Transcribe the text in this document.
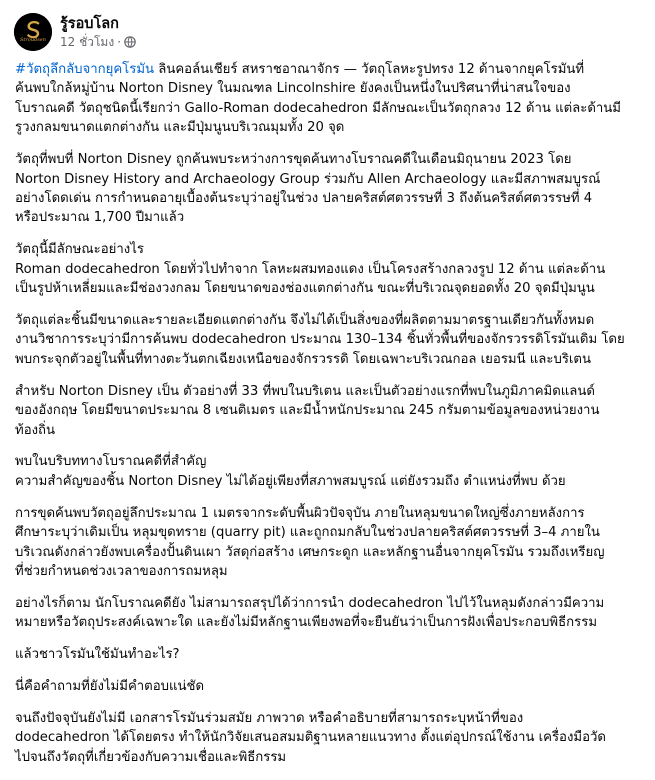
Stroudsen
รู้รอบโลก
12 ชั่วโมง ·

#วัตถุลึกลับจากยุคโรมัน ลินคอล์นเชียร์ สหราชอาณาจักร — วัตถุโลหะรูปทรง 12 ด้านจากยุคโรมันที่
ค้นพบใกล้หมู่บ้าน Norton Disney ในมณฑล Lincolnshire ยังคงเป็นหนึ่งในปริศนาที่น่าสนใจของ
โบราณคดี วัตถุชนิดนี้เรียกว่า Gallo-Roman dodecahedron มีลักษณะเป็นวัตถุกลวง 12 ด้าน แต่ละด้านมี
รูวงกลมขนาดแตกต่างกัน และมีปุ่มนูนบริเวณมุมทั้ง 20 จุด

วัตถุที่พบที่ Norton Disney ถูกค้นพบระหว่างการขุดค้นทางโบราณคดีในเดือนมิถุนายน 2023 โดย
Norton Disney History and Archaeology Group ร่วมกับ Allen Archaeology และมีสภาพสมบูรณ์
อย่างโดดเด่น การกำหนดอายุเบื้องต้นระบุว่าอยู่ในช่วง ปลายคริสต์ศตวรรษที่ 3 ถึงต้นคริสต์ศตวรรษที่ 4
หรือประมาณ 1,700 ปีมาแล้ว

วัตถุนี้มีลักษณะอย่างไร
Roman dodecahedron โดยทั่วไปทำจาก โลหะผสมทองแดง เป็นโครงสร้างกลวงรูป 12 ด้าน แต่ละด้าน
เป็นรูปห้าเหลี่ยมและมีช่องวงกลม โดยขนาดของช่องแตกต่างกัน ขณะที่บริเวณจุดยอดทั้ง 20 จุดมีปุ่มนูน

วัตถุแต่ละชิ้นมีขนาดและรายละเอียดแตกต่างกัน จึงไม่ได้เป็นสิ่งของที่ผลิตตามมาตรฐานเดียวกันทั้งหมด
งานวิชาการระบุว่ามีการค้นพบ dodecahedron ประมาณ 130–134 ชิ้นทั่วพื้นที่ของจักรวรรดิโรมันเดิม โดย
พบกระจุกตัวอยู่ในพื้นที่ทางตะวันตกเฉียงเหนือของจักรวรรดิ โดยเฉพาะบริเวณกอล เยอรมนี และบริเตน

สำหรับ Norton Disney เป็น ตัวอย่างที่ 33 ที่พบในบริเตน และเป็นตัวอย่างแรกที่พบในภูมิภาคมิดแลนด์
ของอังกฤษ โดยมีขนาดประมาณ 8 เซนติเมตร และมีน้ำหนักประมาณ 245 กรัมตามข้อมูลของหน่วยงาน
ท้องถิ่น

พบในบริบททางโบราณคดีที่สำคัญ
ความสำคัญของชิ้น Norton Disney ไม่ได้อยู่เพียงที่สภาพสมบูรณ์ แต่ยังรวมถึง ตำแหน่งที่พบ ด้วย

การขุดค้นพบวัตถุอยู่ลึกประมาณ 1 เมตรจากระดับพื้นผิวปัจจุบัน ภายในหลุมขนาดใหญ่ซึ่งภายหลังการ
ศึกษาระบุว่าเดิมเป็น หลุมขุดทราย (quarry pit) และถูกถมกลับในช่วงปลายคริสต์ศตวรรษที่ 3–4 ภายใน
บริเวณดังกล่าวยังพบเครื่องปั้นดินเผา วัสดุก่อสร้าง เศษกระดูก และหลักฐานอื่นจากยุคโรมัน รวมถึงเหรียญ
ที่ช่วยกำหนดช่วงเวลาของการถมหลุม

อย่างไรก็ตาม นักโบราณคดียัง ไม่สามารถสรุปได้ว่าการนำ dodecahedron ไปไว้ในหลุมดังกล่าวมีความ
หมายหรือวัตถุประสงค์เฉพาะใด และยังไม่มีหลักฐานเพียงพอที่จะยืนยันว่าเป็นการฝังเพื่อประกอบพิธีกรรม

แล้วชาวโรมันใช้มันทำอะไร?

นี่คือคำถามที่ยังไม่มีคำตอบแน่ชัด

จนถึงปัจจุบันยังไม่มี เอกสารโรมันร่วมสมัย ภาพวาด หรือคำอธิบายที่สามารถระบุหน้าที่ของ
dodecahedron ได้โดยตรง ทำให้นักวิจัยเสนอสมมติฐานหลายแนวทาง ตั้งแต่อุปกรณ์ใช้งาน เครื่องมือวัด
ไปจนถึงวัตถุที่เกี่ยวข้องกับความเชื่อและพิธีกรรม
